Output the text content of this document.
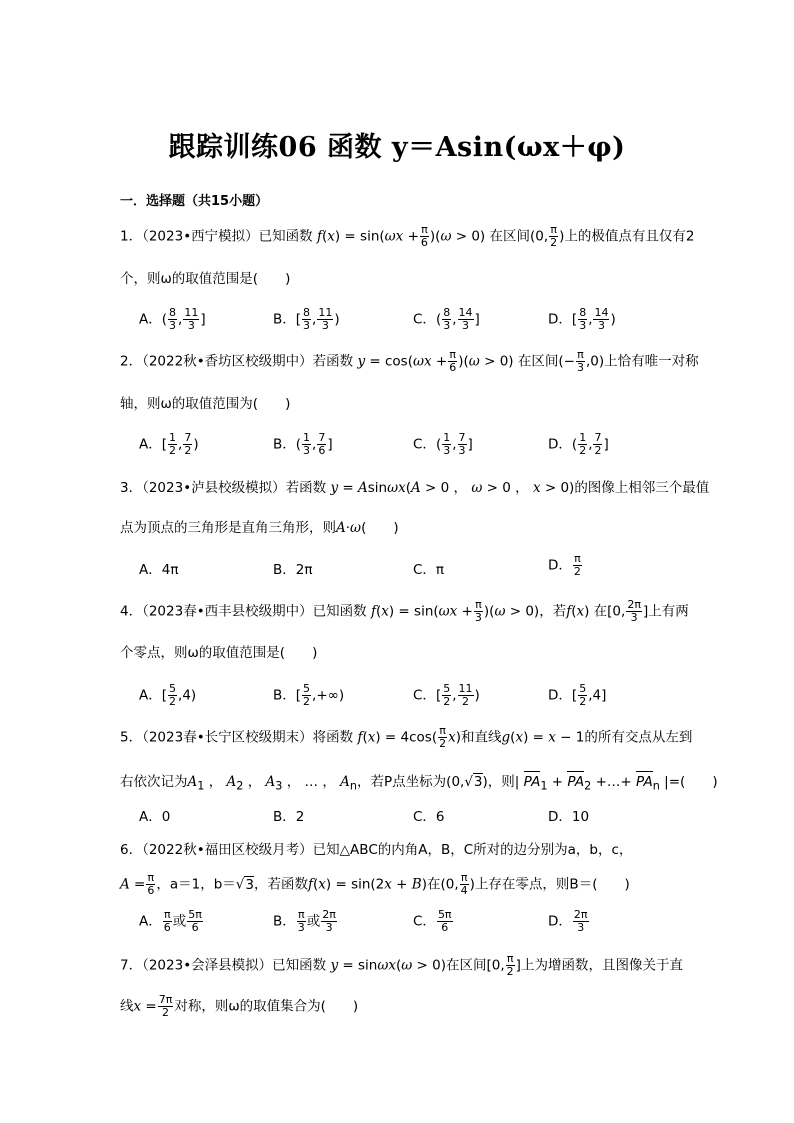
跟踪训练06 函数 y＝Asin(ωx＋φ)
一．选择题（共15小题）
1．（2023•西宁模拟）已知函数 $f(x) = \sin(\omega x + \frac{\pi}{6} )(\omega > 0)$ 在区间(0, $\frac{\pi}{2}$ )上的极值点有且仅有2
个，则ω的取值范围是(　　)
A．( $\frac{8}{3}$ , $\frac{11}{3}$ ]	B．[ $\frac{8}{3}$ , $\frac{11}{3}$ )	C．( $\frac{8}{3}$ , $\frac{14}{3}$ ]	D．[ $\frac{8}{3}$ , $\frac{14}{3}$ )
2．（2022秋•香坊区校级期中）若函数 $y = \cos(\omega x + \frac{\pi}{6} )(\omega > 0)$ 在区间(− $\frac{\pi}{3} ,0$)上恰有唯一对称
轴，则ω的取值范围为(　　)
A．[ $\frac{1}{2}$ , $\frac{7}{2}$ )	B．( $\frac{1}{3}$ , $\frac{7}{6}$ ]	C．( $\frac{1}{3}$ , $\frac{7}{3}$ ]	D．( $\frac{1}{2}$ , $\frac{7}{2}$ ]
3．（2023•泸县校级模拟）若函数 y = Asinωx(A > 0 ， ω > 0 ， x > 0)的图像上相邻三个最值
点为顶点的三角形是直角三角形，则A·ω(　　)
A．4π	B．2π	C．π	D． $\frac{\pi}{2}$
4．（2023春•西丰县校级期中）已知函数 $f(x) = \sin(\omega x + \frac{\pi}{3} )(\omega > 0)$，若f(x) 在[0, $\frac{2\pi}{3}$ ]上有两
个零点，则ω的取值范围是(　　)
A．[ $\frac{5}{2} ,4$)	B．[ $\frac{5}{2}$ ,+∞)	C．[ $\frac{5}{2}$ , $\frac{11}{2}$ )	D．[ $\frac{5}{2} ,4$]
5．（2023春•长宁区校级期末）将函数 $f(x) = 4\cos( \frac{\pi}{2} x)$和直线g(x) = x − 1的所有交点从左到
右依次记为$A_1$ ， $A_2$ ， $A_3$ ， … ， $A_n$，若P点坐标为(0,√3)，则| $PA_1 + PA_2$ +…+ $PA_n$ |=(　　)
A．0	B．2	C．6	D．10
6．（2022秋•福田区校级月考）已知△ABC的内角A，B，C所对的边分别为a，b，c，
$A = \frac{\pi}{6}$ ，a＝1，b＝√3，若函数f(x) = sin(2x + B)在(0, $\frac{\pi}{4}$ )上存在零点，则B＝(　　)
A． $\frac{\pi}{6}$ 或 $\frac{5\pi}{6}$	B． $\frac{\pi}{3}$ 或 $\frac{2\pi}{3}$	C． $\frac{5\pi}{6}$	D． $\frac{2\pi}{3}$
7．（2023•会泽县模拟）已知函数 y = sinωx(ω > 0)在区间[0, $\frac{\pi}{2}$ ]上为增函数，且图像关于直
线$x = \frac{7\pi}{2}$ 对称，则ω的取值集合为(　　)
